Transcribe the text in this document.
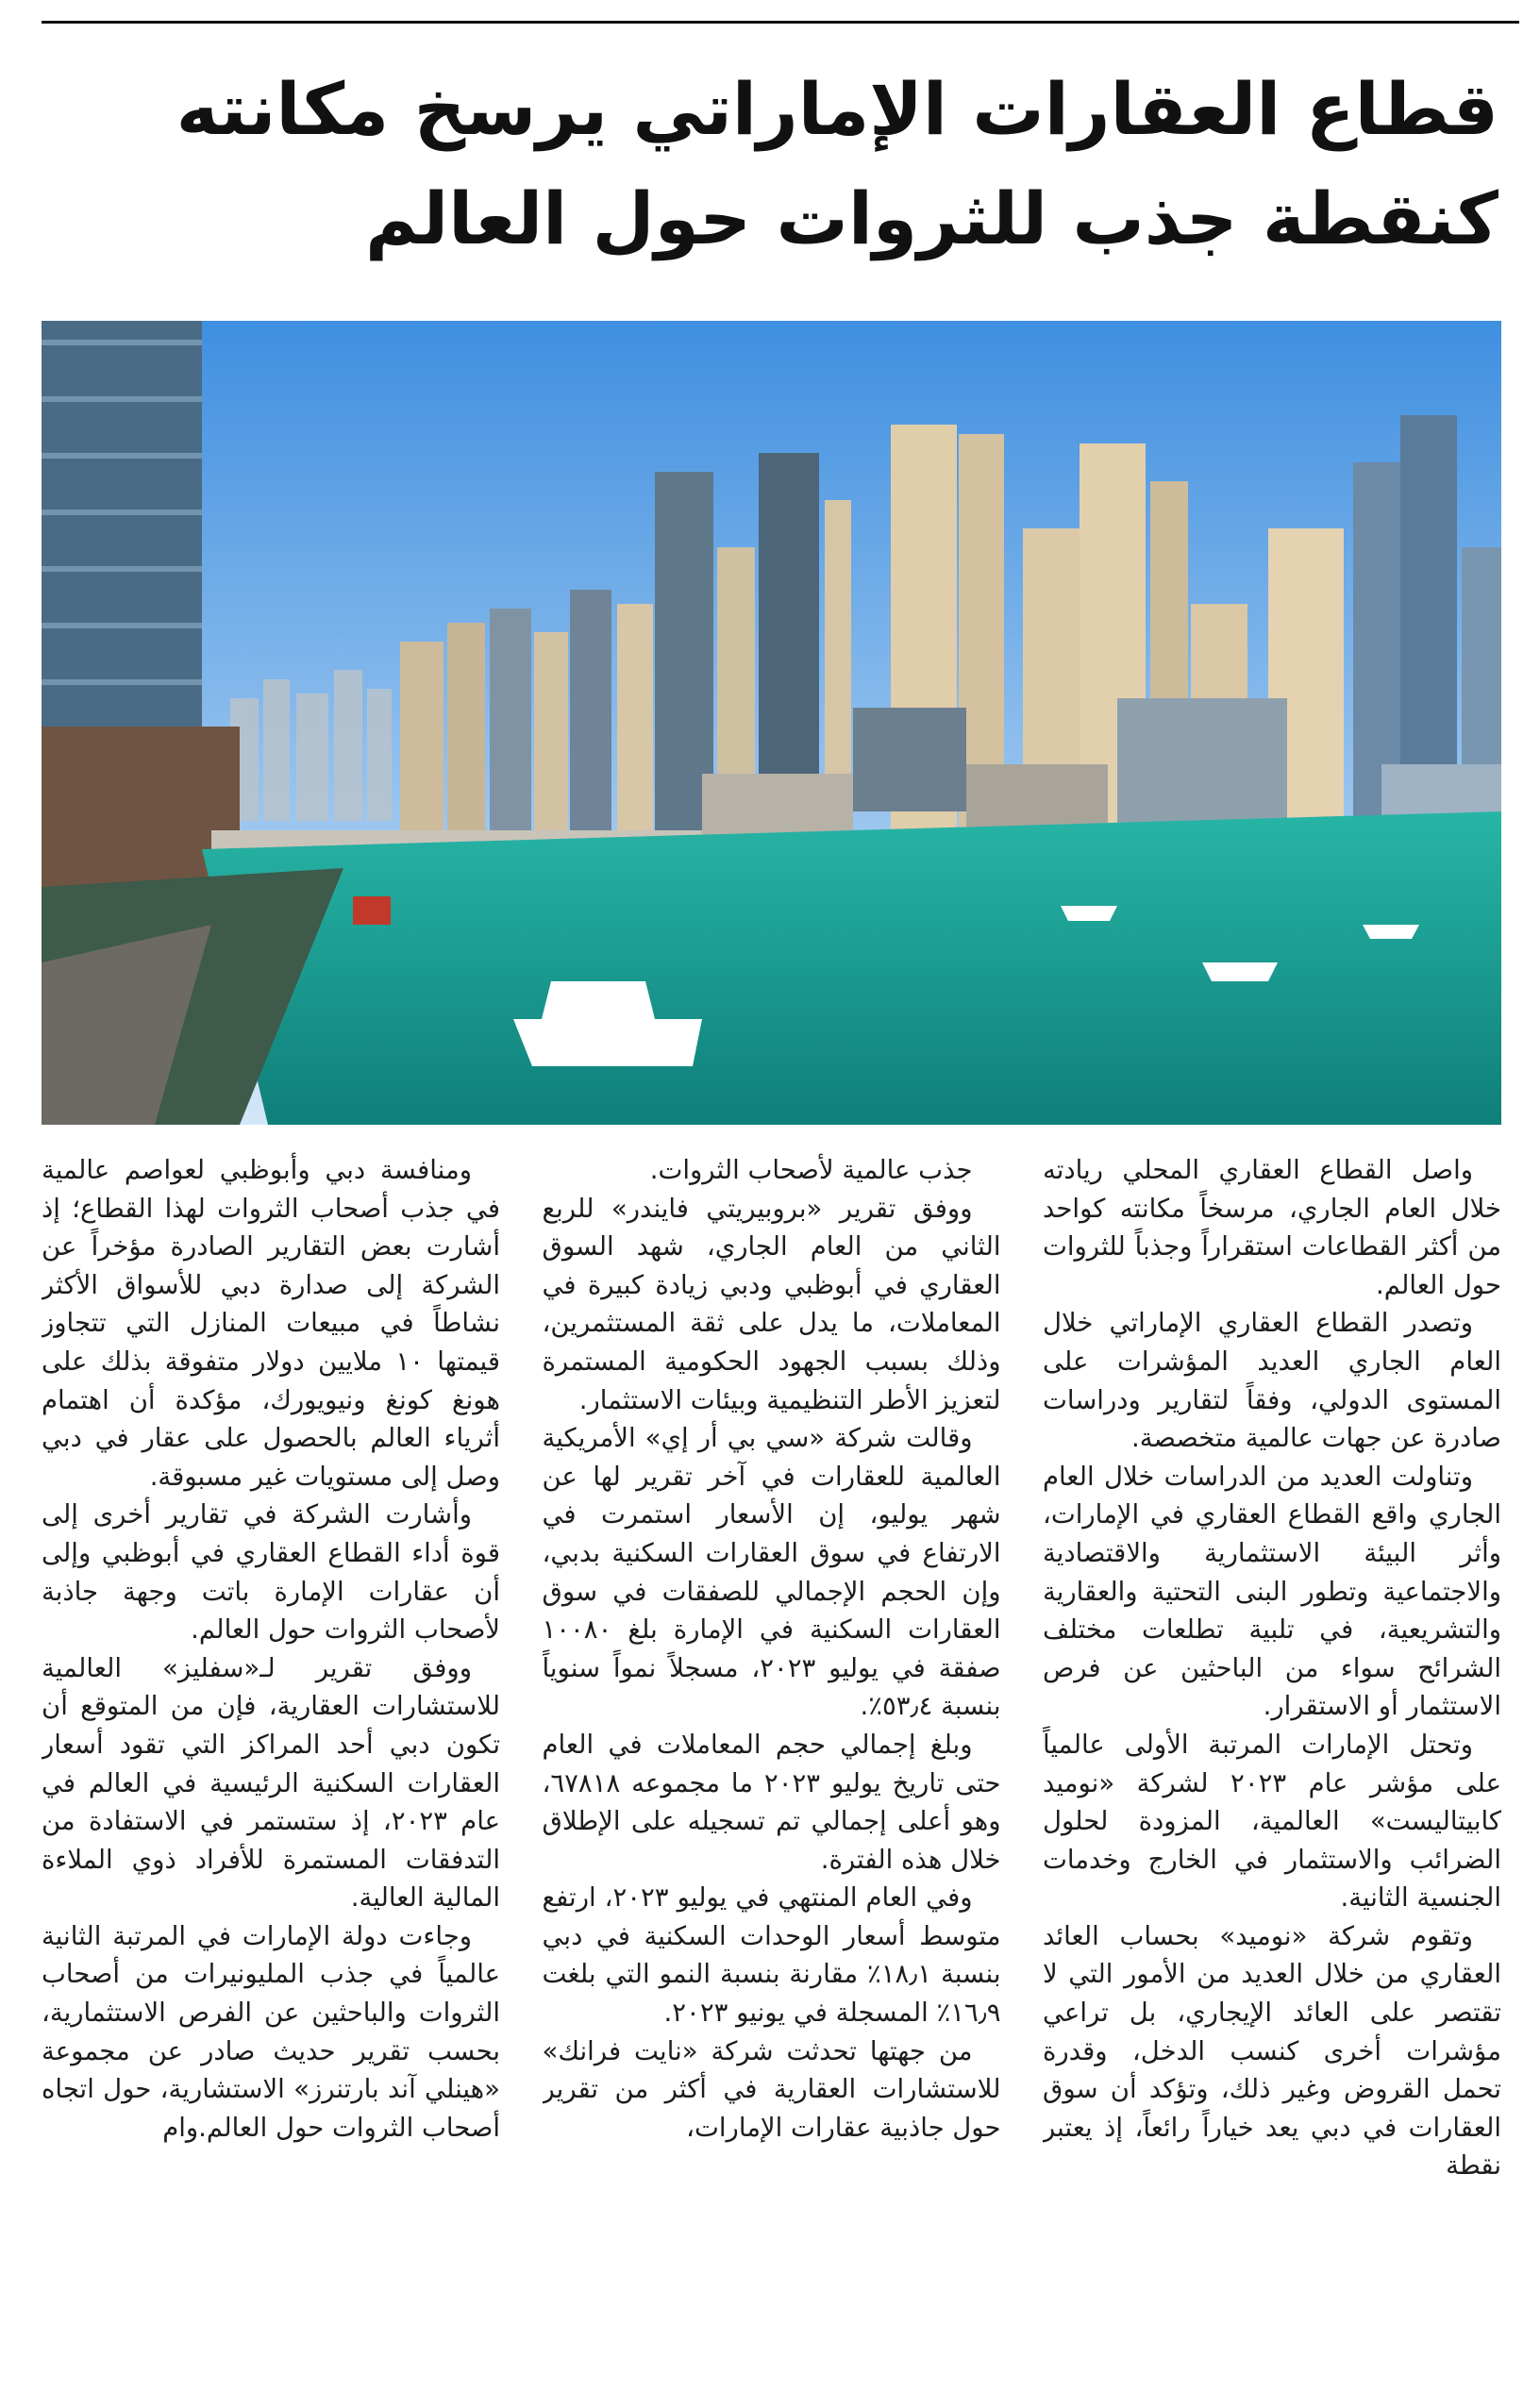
قطاع العقارات الإماراتي يرسخ مكانته كنقطة جذب للثروات حول العالم

واصل القطاع العقاري المحلي ريادته خلال العام الجاري، مرسخاً مكانته كواحد من أكثر القطاعات استقراراً وجذباً للثروات حول العالم.

وتصدر القطاع العقاري الإماراتي خلال العام الجاري العديد المؤشرات على المستوى الدولي، وفقاً لتقارير ودراسات صادرة عن جهات عالمية متخصصة.

وتناولت العديد من الدراسات خلال العام الجاري واقع القطاع العقاري في الإمارات، وأثر البيئة الاستثمارية والاقتصادية والاجتماعية وتطور البنى التحتية والعقارية والتشريعية، في تلبية تطلعات مختلف الشرائح سواء من الباحثين عن فرص الاستثمار أو الاستقرار.

وتحتل الإمارات المرتبة الأولى عالمياً على مؤشر عام ٢٠٢٣ لشركة «نوميد كابيتاليست» العالمية، المزودة لحلول الضرائب والاستثمار في الخارج وخدمات الجنسية الثانية.

وتقوم شركة «نوميد» بحساب العائد العقاري من خلال العديد من الأمور التي لا تقتصر على العائد الإيجاري، بل تراعي مؤشرات أخرى كنسب الدخل، وقدرة تحمل القروض وغير ذلك، وتؤكد أن سوق العقارات في دبي يعد خياراً رائعاً، إذ يعتبر نقطة

جذب عالمية لأصحاب الثروات.

ووفق تقرير «بروبيريتي فايندر» للربع الثاني من العام الجاري، شهد السوق العقاري في أبوظبي ودبي زيادة كبيرة في المعاملات، ما يدل على ثقة المستثمرين، وذلك بسبب الجهود الحكومية المستمرة لتعزيز الأطر التنظيمية وبيئات الاستثمار.

وقالت شركة «سي بي أر إي» الأمريكية العالمية للعقارات في آخر تقرير لها عن شهر يوليو، إن الأسعار استمرت في الارتفاع في سوق العقارات السكنية بدبي، وإن الحجم الإجمالي للصفقات في سوق العقارات السكنية في الإمارة بلغ ١٠٠٨٠ صفقة في يوليو ٢٠٢٣، مسجلاً نمواً سنوياً بنسبة ٥٣٫٤٪.

وبلغ إجمالي حجم المعاملات في العام حتى تاريخ يوليو ٢٠٢٣ ما مجموعه ٦٧٨١٨، وهو أعلى إجمالي تم تسجيله على الإطلاق خلال هذه الفترة.

وفي العام المنتهي في يوليو ٢٠٢٣، ارتفع متوسط أسعار الوحدات السكنية في دبي بنسبة ١٨٫١٪ مقارنة بنسبة النمو التي بلغت ١٦٫٩٪ المسجلة في يونيو ٢٠٢٣.

من جهتها تحدثت شركة «نايت فرانك» للاستشارات العقارية في أكثر من تقرير حول جاذبية عقارات الإمارات،

ومنافسة دبي وأبوظبي لعواصم عالمية في جذب أصحاب الثروات لهذا القطاع؛ إذ أشارت بعض التقارير الصادرة مؤخراً عن الشركة إلى صدارة دبي للأسواق الأكثر نشاطاً في مبيعات المنازل التي تتجاوز قيمتها ١٠ ملايين دولار متفوقة بذلك على هونغ كونغ ونيويورك، مؤكدة أن اهتمام أثرياء العالم بالحصول على عقار في دبي وصل إلى مستويات غير مسبوقة.

وأشارت الشركة في تقارير أخرى إلى قوة أداء القطاع العقاري في أبوظبي وإلى أن عقارات الإمارة باتت وجهة جاذبة لأصحاب الثروات حول العالم.

ووفق تقرير لـ«سفليز» العالمية للاستشارات العقارية، فإن من المتوقع أن تكون دبي أحد المراكز التي تقود أسعار العقارات السكنية الرئيسية في العالم في عام ٢٠٢٣، إذ ستستمر في الاستفادة من التدفقات المستمرة للأفراد ذوي الملاءة المالية العالية.

وجاءت دولة الإمارات في المرتبة الثانية عالمياً في جذب المليونيرات من أصحاب الثروات والباحثين عن الفرص الاستثمارية، بحسب تقرير حديث صادر عن مجموعة «هينلي آند بارتنرز» الاستشارية، حول اتجاه أصحاب الثروات حول العالم.وام
